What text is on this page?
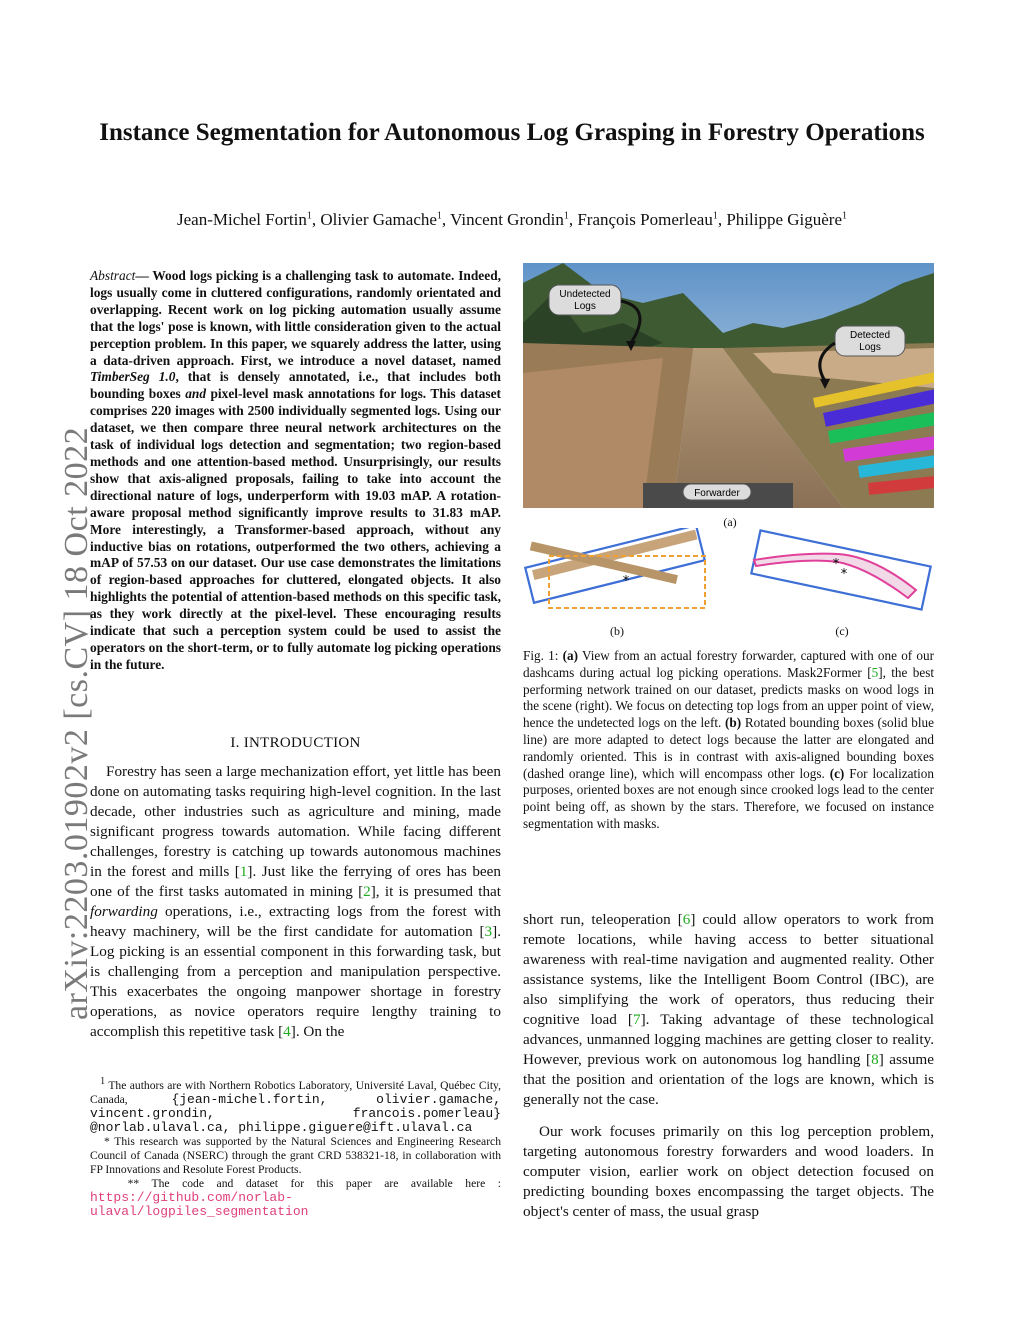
arXiv:2203.01902v2 [cs.CV] 18 Oct 2022
Instance Segmentation for Autonomous Log Grasping in Forestry Operations
Jean-Michel Fortin$^1$, Olivier Gamache$^1$, Vincent Grondin$^1$, François Pomerleau$^1$, Philippe Giguère$^1$

Abstract— Wood logs picking is a challenging task to automate. Indeed, logs usually come in cluttered configurations, randomly orientated and overlapping. Recent work on log picking automation usually assume that the logs' pose is known, with little consideration given to the actual perception problem. In this paper, we squarely address the latter, using a data-driven approach. First, we introduce a novel dataset, named TimberSeg 1.0, that is densely annotated, i.e., that includes both bounding boxes and pixel-level mask annotations for logs. This dataset comprises 220 images with 2500 individually segmented logs. Using our dataset, we then compare three neural network architectures on the task of individual logs detection and segmentation; two region-based methods and one attention-based method. Unsurprisingly, our results show that axis-aligned proposals, failing to take into account the directional nature of logs, underperform with 19.03 mAP. A rotation-aware proposal method significantly improve results to 31.83 mAP. More interestingly, a Transformer-based approach, without any inductive bias on rotations, outperformed the two others, achieving a mAP of 57.53 on our dataset. Our use case demonstrates the limitations of region-based approaches for cluttered, elongated objects. It also highlights the potential of attention-based methods on this specific task, as they work directly at the pixel-level. These encouraging results indicate that such a perception system could be used to assist the operators on the short-term, or to fully automate log picking operations in the future.

I. INTRODUCTION

Forestry has seen a large mechanization effort, yet little has been done on automating tasks requiring high-level cognition. In the last decade, other industries such as agriculture and mining, made significant progress towards automation. While facing different challenges, forestry is catching up towards autonomous machines in the forest and mills [1]. Just like the ferrying of ores has been one of the first tasks automated in mining [2], it is presumed that forwarding operations, i.e., extracting logs from the forest with heavy machinery, will be the first candidate for automation [3]. Log picking is an essential component in this forwarding task, but is challenging from a perception and manipulation perspective. This exacerbates the ongoing manpower shortage in forestry operations, as novice operators require lengthy training to accomplish this repetitive task [4]. On the

$^1$ The authors are with Northern Robotics Laboratory, Université Laval, Québec City, Canada, {jean-michel.fortin, olivier.gamache, vincent.grondin, francois.pomerleau} @norlab.ulaval.ca, philippe.giguere@ift.ulaval.ca

* This research was supported by the Natural Sciences and Engineering Research Council of Canada (NSERC) through the grant CRD 538321-18, in collaboration with FP Innovations and Resolute Forest Products.

** The code and dataset for this paper are available here : https://github.com/norlab-ulaval/logpiles_segmentation

Undetected
Logs
Detected
Logs
Forwarder
(a)
*
(b)
*
*
(c)

Fig. 1: (a) View from an actual forestry forwarder, captured with one of our dashcams during actual log picking operations. Mask2Former [5], the best performing network trained on our dataset, predicts masks on wood logs in the scene (right). We focus on detecting top logs from an upper point of view, hence the undetected logs on the left. (b) Rotated bounding boxes (solid blue line) are more adapted to detect logs because the latter are elongated and randomly oriented. This is in contrast with axis-aligned bounding boxes (dashed orange line), which will encompass other logs. (c) For localization purposes, oriented boxes are not enough since crooked logs lead to the center point being off, as shown by the stars. Therefore, we focused on instance segmentation with masks.

short run, teleoperation [6] could allow operators to work from remote locations, while having access to better situational awareness with real-time navigation and augmented reality. Other assistance systems, like the Intelligent Boom Control (IBC), are also simplifying the work of operators, thus reducing their cognitive load [7]. Taking advantage of these technological advances, unmanned logging machines are getting closer to reality. However, previous work on autonomous log handling [8] assume that the position and orientation of the logs are known, which is generally not the case.

Our work focuses primarily on this log perception problem, targeting autonomous forestry forwarders and wood loaders. In computer vision, earlier work on object detection focused on predicting bounding boxes encompassing the target objects. The object's center of mass, the usual grasp
